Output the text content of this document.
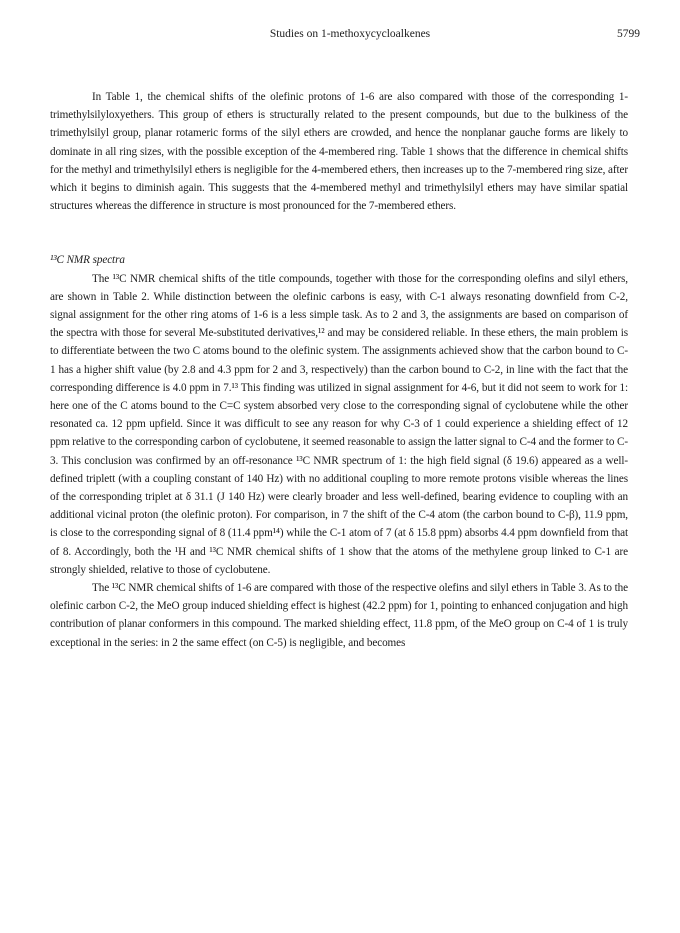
Studies on 1-methoxycycloalkenes	5799

In Table 1, the chemical shifts of the olefinic protons of 1-6 are also compared with those of the corresponding 1-trimethylsilyloxyethers. This group of ethers is structurally related to the present compounds, but due to the bulkiness of the trimethylsilyl group, planar rotameric forms of the silyl ethers are crowded, and hence the nonplanar gauche forms are likely to dominate in all ring sizes, with the possible exception of the 4-membered ring. Table 1 shows that the difference in chemical shifts for the methyl and trimethylsilyl ethers is negligible for the 4-membered ethers, then increases up to the 7-membered ring size, after which it begins to diminish again. This suggests that the 4-membered methyl and trimethylsilyl ethers may have similar spatial structures whereas the difference in structure is most pronounced for the 7-membered ethers.

¹³C NMR spectra

The ¹³C NMR chemical shifts of the title compounds, together with those for the corresponding olefins and silyl ethers, are shown in Table 2. While distinction between the olefinic carbons is easy, with C-1 always resonating downfield from C-2, signal assignment for the other ring atoms of 1-6 is a less simple task. As to 2 and 3, the assignments are based on comparison of the spectra with those for several Me-substituted derivatives,¹² and may be considered reliable. In these ethers, the main problem is to differentiate between the two C atoms bound to the olefinic system. The assignments achieved show that the carbon bound to C-1 has a higher shift value (by 2.8 and 4.3 ppm for 2 and 3, respectively) than the carbon bound to C-2, in line with the fact that the corresponding difference is 4.0 ppm in 7.¹³ This finding was utilized in signal assignment for 4-6, but it did not seem to work for 1: here one of the C atoms bound to the C=C system absorbed very close to the corresponding signal of cyclobutene while the other resonated ca. 12 ppm upfield. Since it was difficult to see any reason for why C-3 of 1 could experience a shielding effect of 12 ppm relative to the corresponding carbon of cyclobutene, it seemed reasonable to assign the latter signal to C-4 and the former to C-3. This conclusion was confirmed by an off-resonance ¹³C NMR spectrum of 1: the high field signal (δ 19.6) appeared as a well-defined triplett (with a coupling constant of 140 Hz) with no additional coupling to more remote protons visible whereas the lines of the corresponding triplet at δ 31.1 (J 140 Hz) were clearly broader and less well-defined, bearing evidence to coupling with an additional vicinal proton (the olefinic proton). For comparison, in 7 the shift of the C-4 atom (the carbon bound to C-β), 11.9 ppm, is close to the corresponding signal of 8 (11.4 ppm¹⁴) while the C-1 atom of 7 (at δ 15.8 ppm) absorbs 4.4 ppm downfield from that of 8. Accordingly, both the ¹H and ¹³C NMR chemical shifts of 1 show that the atoms of the methylene group linked to C-1 are strongly shielded, relative to those of cyclobutene.

The ¹³C NMR chemical shifts of 1-6 are compared with those of the respective olefins and silyl ethers in Table 3. As to the olefinic carbon C-2, the MeO group induced shielding effect is highest (42.2 ppm) for 1, pointing to enhanced conjugation and high contribution of planar conformers in this compound. The marked shielding effect, 11.8 ppm, of the MeO group on C-4 of 1 is truly exceptional in the series: in 2 the same effect (on C-5) is negligible, and becomes
